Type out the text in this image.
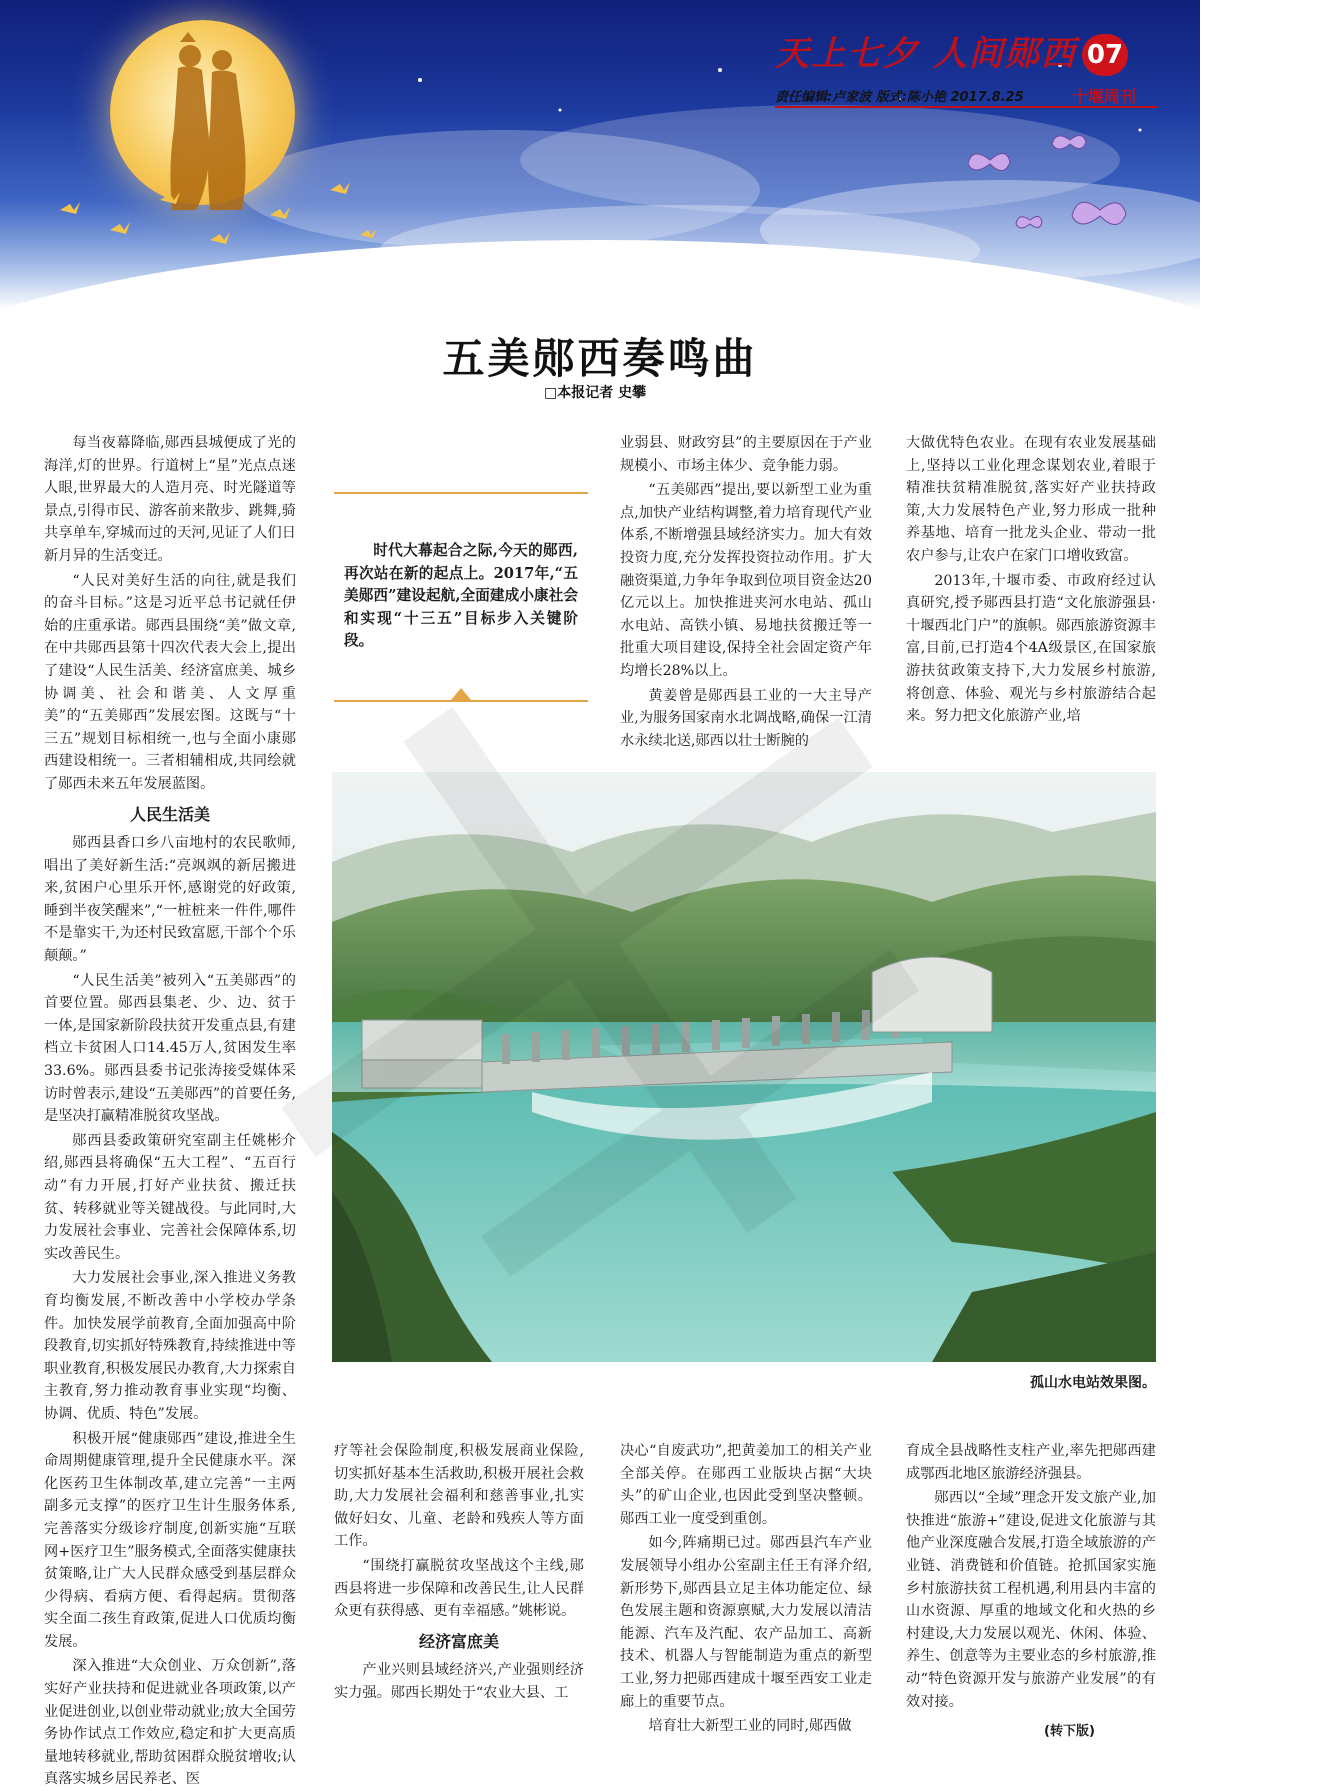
天上七夕 人间郧西 07
责任编辑:卢家波 版式:陈小艳 2017.8.25	十堰周刊
五美郧西奏鸣曲
□本报记者 史攀

每当夜幕降临,郧西县城便成了光的海洋,灯的世界。行道树上“星”光点点迷人眼,世界最大的人造月亮、时光隧道等景点,引得市民、游客前来散步、跳舞,骑共享单车,穿城而过的天河,见证了人们日新月异的生活变迁。

“人民对美好生活的向往,就是我们的奋斗目标。”这是习近平总书记就任伊始的庄重承诺。郧西县围绕“美”做文章,在中共郧西县第十四次代表大会上,提出了建设“人民生活美、经济富庶美、城乡协调美、社会和谐美、人文厚重美”的“五美郧西”发展宏图。这既与“十三五”规划目标相统一,也与全面小康郧西建设相统一。三者相辅相成,共同绘就了郧西未来五年发展蓝图。

人民生活美

郧西县香口乡八亩地村的农民歌师,唱出了美好新生活:“亮飒飒的新居搬进来,贫困户心里乐开怀,感谢党的好政策,睡到半夜笑醒来”,“一桩桩来一件件,哪件不是靠实干,为还村民致富愿,干部个个乐颠颠。”

“人民生活美”被列入“五美郧西”的首要位置。郧西县集老、少、边、贫于一体,是国家新阶段扶贫开发重点县,有建档立卡贫困人口14.45万人,贫困发生率33.6%。郧西县委书记张涛接受媒体采访时曾表示,建设“五美郧西”的首要任务,是坚决打赢精准脱贫攻坚战。

郧西县委政策研究室副主任姚彬介绍,郧西县将确保“五大工程”、“五百行动”有力开展,打好产业扶贫、搬迁扶贫、转移就业等关键战役。与此同时,大力发展社会事业、完善社会保障体系,切实改善民生。

大力发展社会事业,深入推进义务教育均衡发展,不断改善中小学校办学条件。加快发展学前教育,全面加强高中阶段教育,切实抓好特殊教育,持续推进中等职业教育,积极发展民办教育,大力探索自主教育,努力推动教育事业实现“均衡、协调、优质、特色”发展。

积极开展“健康郧西”建设,推进全生命周期健康管理,提升全民健康水平。深化医药卫生体制改革,建立完善“一主两副多元支撑”的医疗卫生计生服务体系,完善落实分级诊疗制度,创新实施“互联网+医疗卫生”服务模式,全面落实健康扶贫策略,让广大人民群众感受到基层群众少得病、看病方便、看得起病。贯彻落实全面二孩生育政策,促进人口优质均衡发展。

深入推进“大众创业、万众创新”,落实好产业扶持和促进就业各项政策,以产业促进创业,以创业带动就业;放大全国劳务协作试点工作效应,稳定和扩大更高质量地转移就业,帮助贫困群众脱贫增收;认真落实城乡居民养老、医

时代大幕起合之际,今天的郧西,再次站在新的起点上。2017年,“五美郧西”建设起航,全面建成小康社会和实现“十三五”目标步入关键阶段。

业弱县、财政穷县”的主要原因在于产业规模小、市场主体少、竞争能力弱。

“五美郧西”提出,要以新型工业为重点,加快产业结构调整,着力培育现代产业体系,不断增强县域经济实力。加大有效投资力度,充分发挥投资拉动作用。扩大融资渠道,力争年争取到位项目资金达20亿元以上。加快推进夹河水电站、孤山水电站、高铁小镇、易地扶贫搬迁等一批重大项目建设,保持全社会固定资产年均增长28%以上。

黄姜曾是郧西县工业的一大主导产业,为服务国家南水北调战略,确保一江清水永续北送,郧西以壮士断腕的

大做优特色农业。在现有农业发展基础上,坚持以工业化理念谋划农业,着眼于精准扶贫精准脱贫,落实好产业扶持政策,大力发展特色产业,努力形成一批种养基地、培育一批龙头企业、带动一批农户参与,让农户在家门口增收致富。

2013年,十堰市委、市政府经过认真研究,授予郧西县打造“文化旅游强县·十堰西北门户”的旗帜。郧西旅游资源丰富,目前,已打造4个4A级景区,在国家旅游扶贫政策支持下,大力发展乡村旅游,将创意、体验、观光与乡村旅游结合起来。努力把文化旅游产业,培

孤山水电站效果图。

疗等社会保险制度,积极发展商业保险,切实抓好基本生活救助,积极开展社会救助,大力发展社会福利和慈善事业,扎实做好妇女、儿童、老龄和残疾人等方面工作。

“围绕打赢脱贫攻坚战这个主线,郧西县将进一步保障和改善民生,让人民群众更有获得感、更有幸福感。”姚彬说。

经济富庶美

产业兴则县域经济兴,产业强则经济实力强。郧西长期处于“农业大县、工

决心“自废武功”,把黄姜加工的相关产业全部关停。在郧西工业版块占据“大块头”的矿山企业,也因此受到坚决整顿。郧西工业一度受到重创。

如今,阵痛期已过。郧西县汽车产业发展领导小组办公室副主任王有泽介绍,新形势下,郧西县立足主体功能定位、绿色发展主题和资源禀赋,大力发展以清洁能源、汽车及汽配、农产品加工、高新技术、机器人与智能制造为重点的新型工业,努力把郧西建成十堰至西安工业走廊上的重要节点。

培育壮大新型工业的同时,郧西做

育成全县战略性支柱产业,率先把郧西建成鄂西北地区旅游经济强县。

郧西以“全域”理念开发文旅产业,加快推进“旅游+”建设,促进文化旅游与其他产业深度融合发展,打造全域旅游的产业链、消费链和价值链。抢抓国家实施乡村旅游扶贫工程机遇,利用县内丰富的山水资源、厚重的地域文化和火热的乡村建设,大力发展以观光、休闲、体验、养生、创意等为主要业态的乡村旅游,推动“特色资源开发与旅游产业发展”的有效对接。

(转下版)
